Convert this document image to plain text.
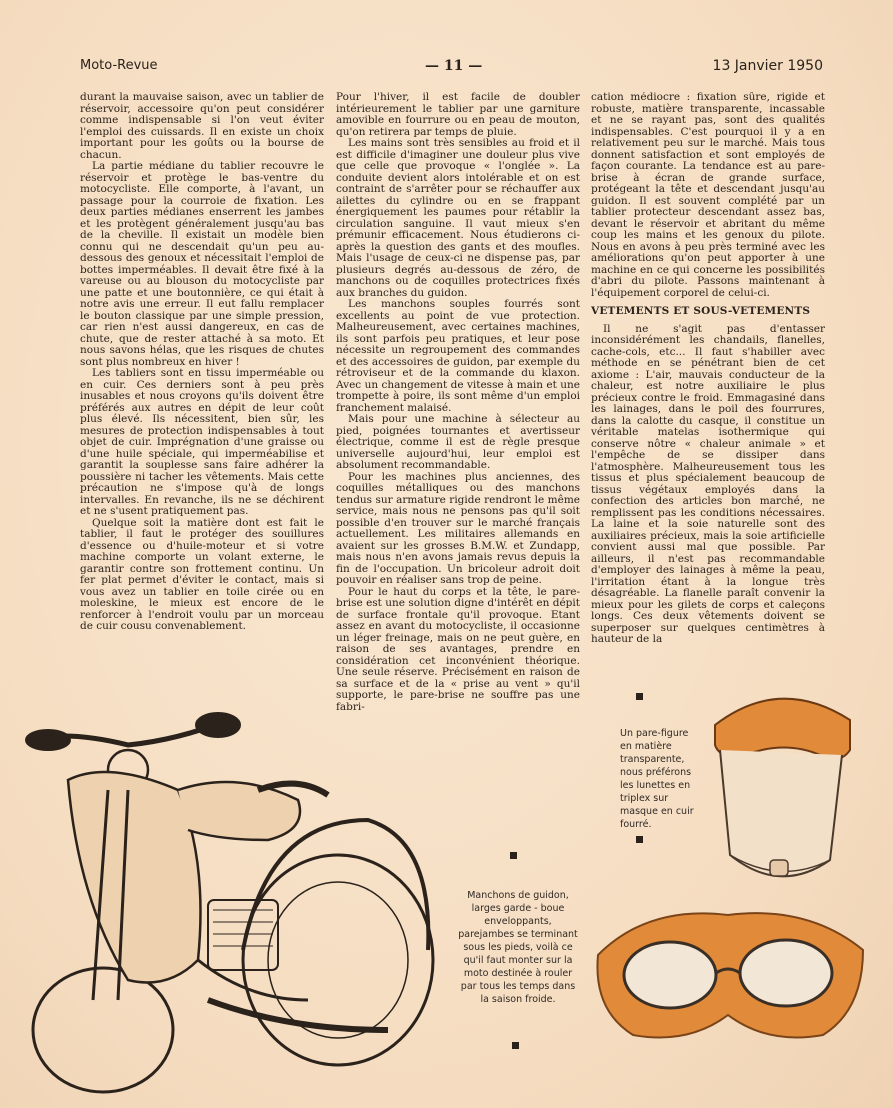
Moto-Revue	— 11 —	13 Janvier 1950

durant la mauvaise saison, avec un tablier de réservoir, accessoire qu'on peut considérer comme indispensable si l'on veut éviter l'emploi des cuissards. Il en existe un choix important pour les goûts ou la bourse de chacun.

La partie médiane du tablier recouvre le réservoir et protège le bas-ventre du motocycliste. Elle comporte, à l'avant, un passage pour la courroie de fixation. Les deux parties médianes enserrent les jambes et les protègent généralement jusqu'au bas de la cheville. Il existait un modèle bien connu qui ne descendait qu'un peu au-dessous des genoux et nécessitait l'emploi de bottes imperméables. Il devait être fixé à la vareuse ou au blouson du motocycliste par une patte et une boutonnière, ce qui était à notre avis une erreur. Il eut fallu remplacer le bouton classique par une simple pression, car rien n'est aussi dangereux, en cas de chute, que de rester attaché à sa moto. Et nous savons hélas, que les risques de chutes sont plus nombreux en hiver !

Les tabliers sont en tissu imperméable ou en cuir. Ces derniers sont à peu près inusables et nous croyons qu'ils doivent être préférés aux autres en dépit de leur coût plus élevé. Ils nécessitent, bien sûr, les mesures de protection indispensables à tout objet de cuir. Imprégnation d'une graisse ou d'une huile spéciale, qui imperméabilise et garantit la souplesse sans faire adhérer la poussière ni tacher les vêtements. Mais cette précaution ne s'impose qu'à de longs intervalles. En revanche, ils ne se déchirent et ne s'usent pratiquement pas.

Quelque soit la matière dont est fait le tablier, il faut le protéger des souillures d'essence ou d'huile-moteur et si votre machine comporte un volant externe, le garantir contre son frottement continu. Un fer plat permet d'éviter le contact, mais si vous avez un tablier en toile cirée ou en moleskine, le mieux est encore de le renforcer à l'endroit voulu par un morceau de cuir cousu convenablement.

Pour l'hiver, il est facile de doubler intérieurement le tablier par une garniture amovible en fourrure ou en peau de mouton, qu'on retirera par temps de pluie.

Les mains sont très sensibles au froid et il est difficile d'imaginer une douleur plus vive que celle que provoque « l'onglée ». La conduite devient alors intolérable et on est contraint de s'arrêter pour se réchauffer aux ailettes du cylindre ou en se frappant énergiquement les paumes pour rétablir la circulation sanguine. Il vaut mieux s'en prémunir efficacement. Nous étudierons ci-après la question des gants et des moufles. Mais l'usage de ceux-ci ne dispense pas, par plusieurs degrés au-dessous de zéro, de manchons ou de coquilles protectrices fixés aux branches du guidon.

Les manchons souples fourrés sont excellents au point de vue protection. Malheureusement, avec certaines machines, ils sont parfois peu pratiques, et leur pose nécessite un regroupement des commandes et des accessoires de guidon, par exemple du rétroviseur et de la commande du klaxon. Avec un changement de vitesse à main et une trompette à poire, ils sont même d'un emploi franchement malaisé.

Mais pour une machine à sélecteur au pied, poignées tournantes et avertisseur électrique, comme il est de règle presque universelle aujourd'hui, leur emploi est absolument recommandable.

Pour les machines plus anciennes, des coquilles métalliques ou des manchons tendus sur armature rigide rendront le même service, mais nous ne pensons pas qu'il soit possible d'en trouver sur le marché français actuellement. Les militaires allemands en avaient sur les grosses B.M.W. et Zundapp, mais nous n'en avons jamais revus depuis la fin de l'occupation. Un bricoleur adroit doit pouvoir en réaliser sans trop de peine.

Pour le haut du corps et la tête, le pare-brise est une solution digne d'intérêt en dépit de surface frontale qu'il provoque. Etant assez en avant du motocycliste, il occasionne un léger freinage, mais on ne peut guère, en raison de ses avantages, prendre en considération cet inconvénient théorique. Une seule réserve. Précisément en raison de sa surface et de la « prise au vent » qu'il supporte, le pare-brise ne souffre pas une fabri-

cation médiocre : fixation sûre, rigide et robuste, matière transparente, incassable et ne se rayant pas, sont des qualités indispensables. C'est pourquoi il y a en relativement peu sur le marché. Mais tous donnent satisfaction et sont employés de façon courante. La tendance est au pare-brise à écran de grande surface, protégeant la tête et descendant jusqu'au guidon. Il est souvent complété par un tablier protecteur descendant assez bas, devant le réservoir et abritant du même coup les mains et les genoux du pilote. Nous en avons à peu près terminé avec les améliorations qu'on peut apporter à une machine en ce qui concerne les possibilités d'abri du pilote. Passons maintenant à l'équipement corporel de celui-ci.

VETEMENTS ET SOUS-VETEMENTS

Il ne s'agit pas d'entasser inconsidérément les chandails, flanelles, cache-cols, etc... Il faut s'habiller avec méthode en se pénétrant bien de cet axiome : L'air, mauvais conducteur de la chaleur, est notre auxiliaire le plus précieux contre le froid. Emmagasiné dans les lainages, dans le poil des fourrures, dans la calotte du casque, il constitue un véritable matelas isothermique qui conserve nôtre « chaleur animale » et l'empêche de se dissiper dans l'atmosphère. Malheureusement tous les tissus et plus spécialement beaucoup de tissus végétaux employés dans la confection des articles bon marché, ne remplissent pas les conditions nécessaires. La laine et la soie naturelle sont des auxiliaires précieux, mais la soie artificielle convient aussi mal que possible. Par ailleurs, il n'est pas recommandable d'employer des lainages à même la peau, l'irritation étant à la longue très désagréable. La flanelle paraît convenir la mieux pour les gilets de corps et caleçons longs. Ces deux vêtements doivent se superposer sur quelques centimètres à hauteur de la

Un pare-figure en matière transparente, nous préférons les lunettes en triplex sur masque en cuir fourré.
Manchons de guidon, larges garde - boue enveloppants, parejambes se terminant sous les pieds, voilà ce qu'il faut monter sur la moto destinée à rouler par tous les temps dans la saison froide.
